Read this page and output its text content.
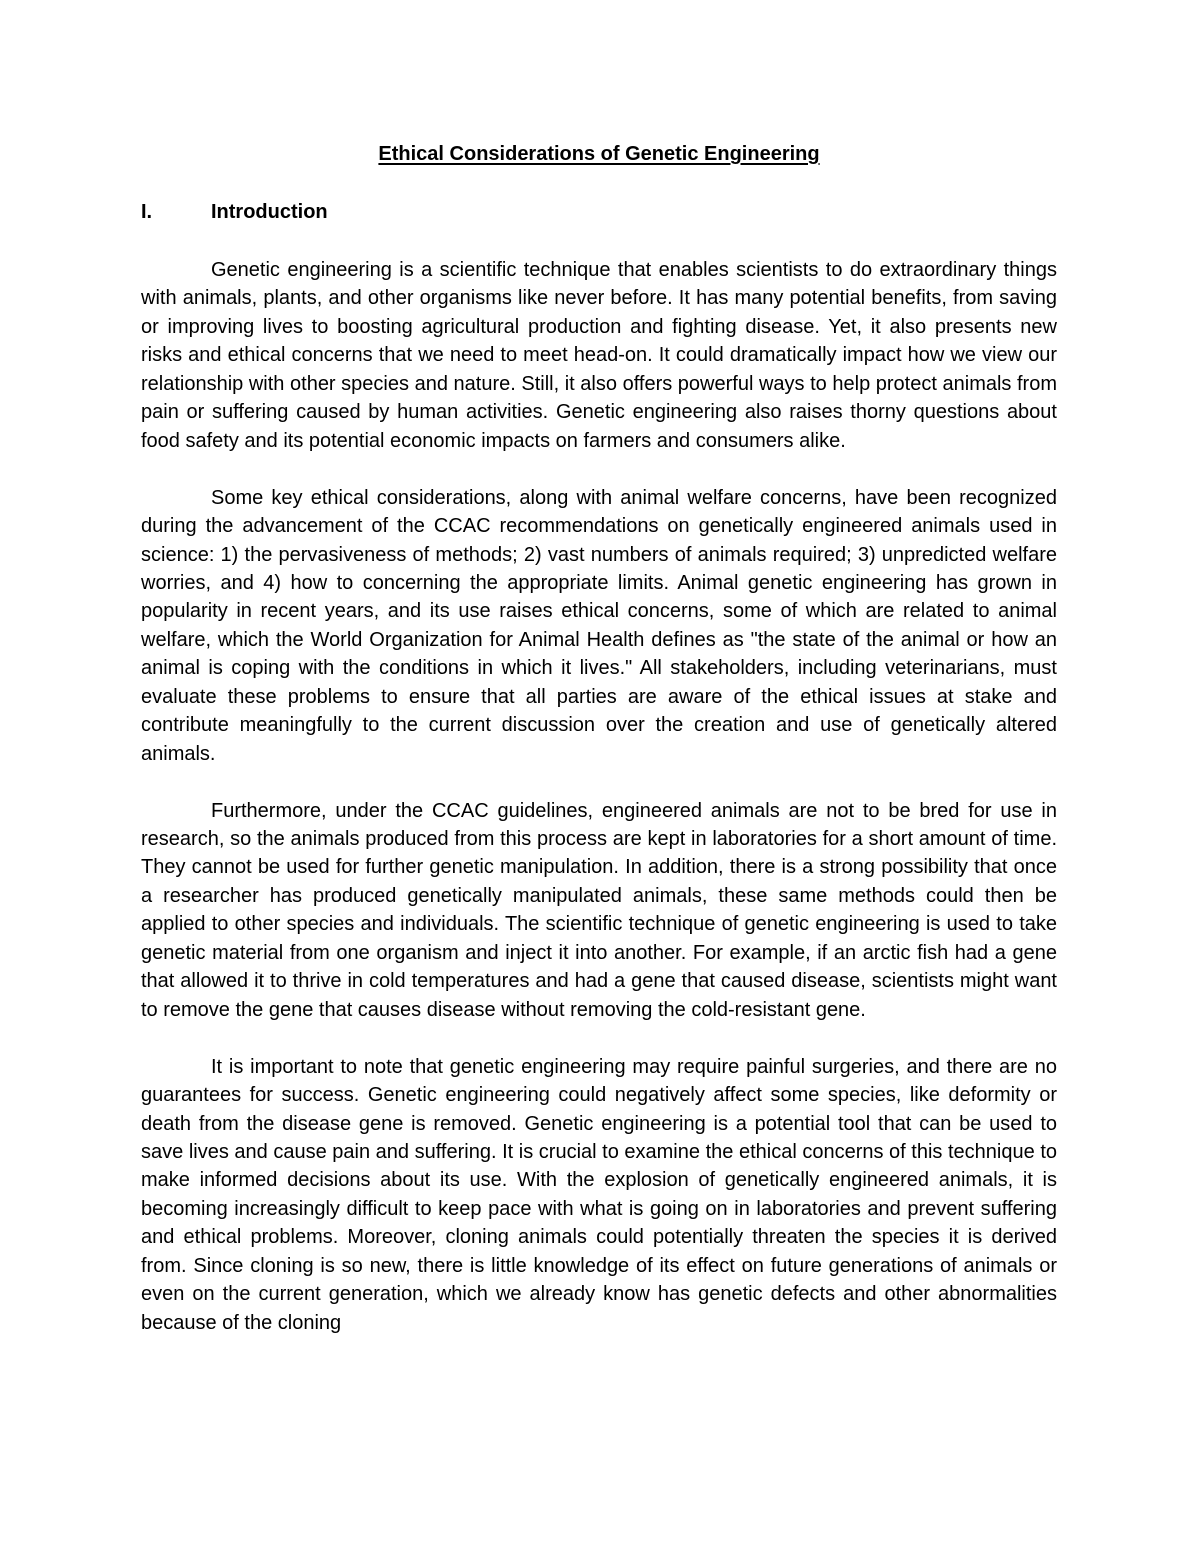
Ethical Considerations of Genetic Engineering
I.	Introduction

Genetic engineering is a scientific technique that enables scientists to do extraordinary things with animals, plants, and other organisms like never before. It has many potential benefits, from saving or improving lives to boosting agricultural production and fighting disease. Yet, it also presents new risks and ethical concerns that we need to meet head-on. It could dramatically impact how we view our relationship with other species and nature. Still, it also offers powerful ways to help protect animals from pain or suffering caused by human activities. Genetic engineering also raises thorny questions about food safety and its potential economic impacts on farmers and consumers alike.

Some key ethical considerations, along with animal welfare concerns, have been recognized during the advancement of the CCAC recommendations on genetically engineered animals used in science: 1) the pervasiveness of methods; 2) vast numbers of animals required; 3) unpredicted welfare worries, and 4) how to concerning the appropriate limits. Animal genetic engineering has grown in popularity in recent years, and its use raises ethical concerns, some of which are related to animal welfare, which the World Organization for Animal Health defines as "the state of the animal or how an animal is coping with the conditions in which it lives." All stakeholders, including veterinarians, must evaluate these problems to ensure that all parties are aware of the ethical issues at stake and contribute meaningfully to the current discussion over the creation and use of genetically altered animals.

Furthermore, under the CCAC guidelines, engineered animals are not to be bred for use in research, so the animals produced from this process are kept in laboratories for a short amount of time. They cannot be used for further genetic manipulation. In addition, there is a strong possibility that once a researcher has produced genetically manipulated animals, these same methods could then be applied to other species and individuals. The scientific technique of genetic engineering is used to take genetic material from one organism and inject it into another. For example, if an arctic fish had a gene that allowed it to thrive in cold temperatures and had a gene that caused disease, scientists might want to remove the gene that causes disease without removing the cold-resistant gene.

It is important to note that genetic engineering may require painful surgeries, and there are no guarantees for success. Genetic engineering could negatively affect some species, like deformity or death from the disease gene is removed. Genetic engineering is a potential tool that can be used to save lives and cause pain and suffering. It is crucial to examine the ethical concerns of this technique to make informed decisions about its use. With the explosion of genetically engineered animals, it is becoming increasingly difficult to keep pace with what is going on in laboratories and prevent suffering and ethical problems. Moreover, cloning animals could potentially threaten the species it is derived from. Since cloning is so new, there is little knowledge of its effect on future generations of animals or even on the current generation, which we already know has genetic defects and other abnormalities because of the cloning
